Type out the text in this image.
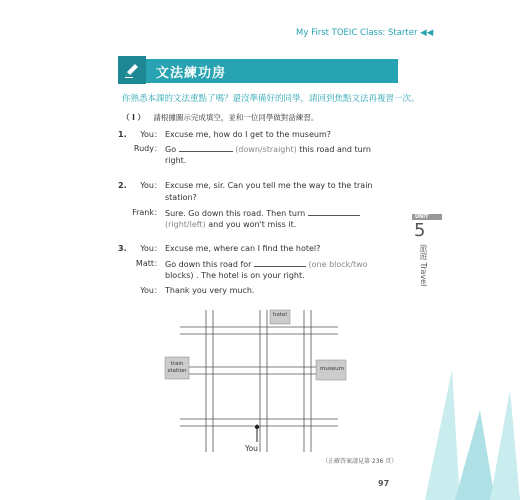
My First TOEIC Class: Starter ◀◀
文法練功房
你熟悉本課的文法重點了嗎？還沒準備好的同學，請回到焦點文法再複習一次。
（ I ） 請根據圖示完成填空，並和一位同學做對話練習。
1.	You： Excuse me, how do I get to the museum?
Rudy： Go	(down/straight) this road and turn
right.
2.	You： Excuse me, sir. Can you tell me the way to the train
station?
Frank： Sure. Go down this road. Then turn
(right/left) and you won't miss it.
3.	You： Excuse me, where can I find the hotel?
Matt： Go down this road for	(one block/two
blocks) . The hotel is on your right.
You： Thank you very much.
UNIT
5
旅遊 Travel
hotel
museum
train
station
You
（正確答案請見第 236 頁）
97
